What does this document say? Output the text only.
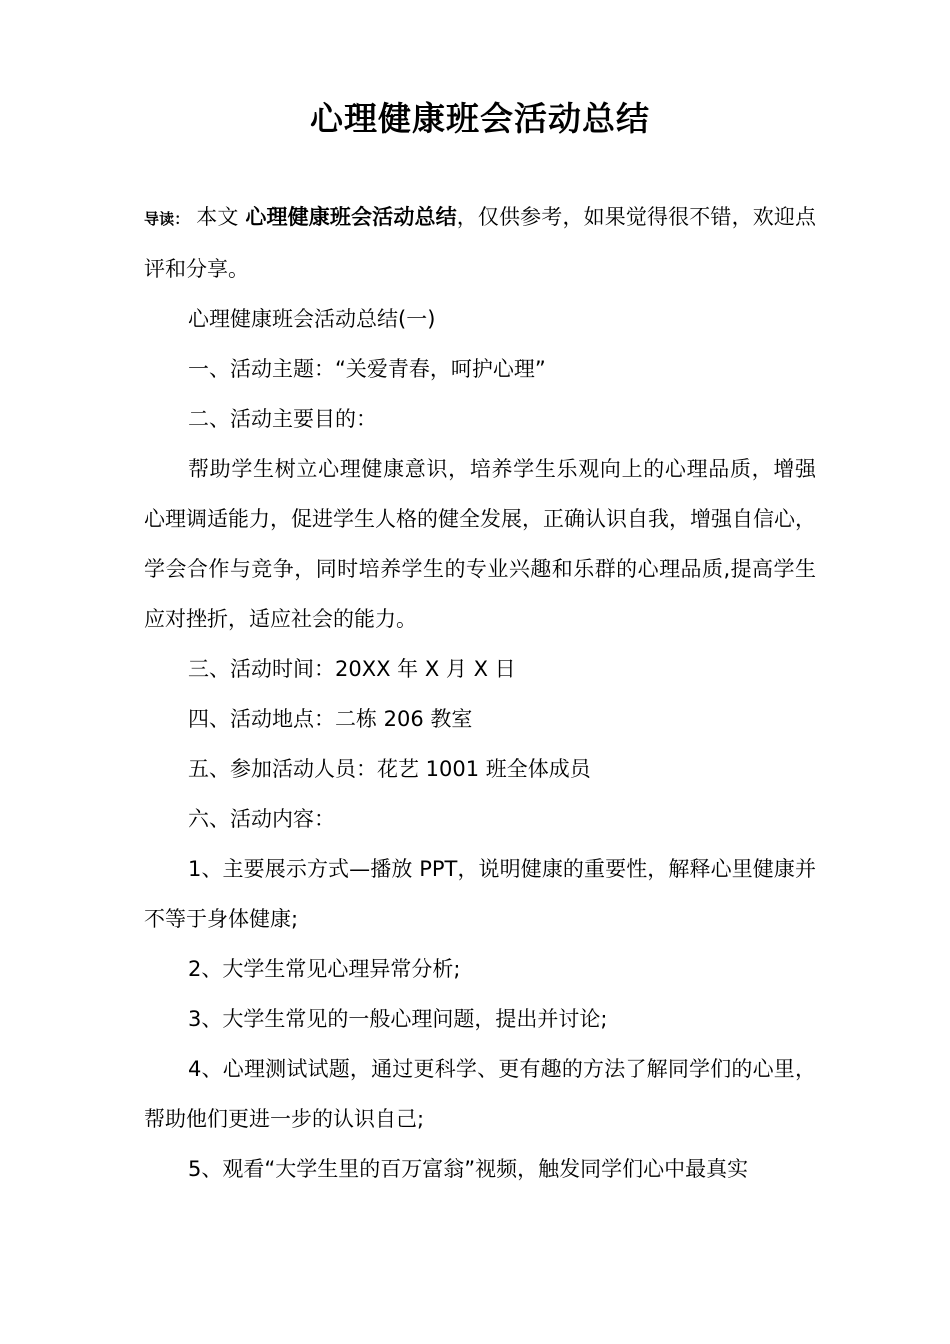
心理健康班会活动总结

导读： 本文 心理健康班会活动总结，仅供参考，如果觉得很不错，欢迎点评和分享。

心理健康班会活动总结(一)

一、活动主题：“关爱青春，呵护心理”

二、活动主要目的：

帮助学生树立心理健康意识，培养学生乐观向上的心理品质，增强心理调适能力，促进学生人格的健全发展，正确认识自我，增强自信心，学会合作与竞争，同时培养学生的专业兴趣和乐群的心理品质,提高学生应对挫折，适应社会的能力。

三、活动时间：20XX 年 X 月 X 日

四、活动地点：二栋 206 教室

五、参加活动人员：花艺 1001 班全体成员

六、活动内容：

1、主要展示方式—播放 PPT，说明健康的重要性，解释心里健康并不等于身体健康;

2、大学生常见心理异常分析;

3、大学生常见的一般心理问题，提出并讨论;

4、心理测试试题，通过更科学、更有趣的方法了解同学们的心里，帮助他们更进一步的认识自己;

5、观看“大学生里的百万富翁”视频，触发同学们心中最真实
